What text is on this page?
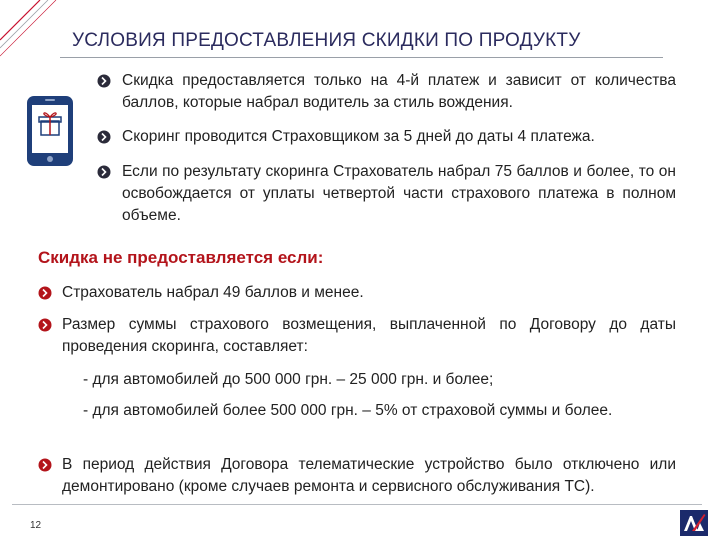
УСЛОВИЯ ПРЕДОСТАВЛЕНИЯ СКИДКИ ПО ПРОДУКТУ
Скидка предоставляется только на 4-й платеж и зависит от количества баллов, которые набрал водитель за стиль вождения.
Скоринг проводится Страховщиком за 5 дней до даты 4 платежа.
Если по результату скоринга Страхователь набрал 75 баллов и более, то он освобождается от уплаты четвертой части страхового платежа в полном объеме.
Скидка не предоставляется если:
Страхователь набрал 49 баллов и менее.
Размер суммы страхового возмещения, выплаченной по Договору до даты проведения скоринга, составляет:
- для автомобилей до 500 000 грн. – 25 000 грн. и более;
- для автомобилей более 500 000 грн. – 5% от страховой суммы и более.
В период действия Договора телематические устройство было отключено или демонтировано (кроме случаев ремонта и сервисного обслуживания ТС).
12
